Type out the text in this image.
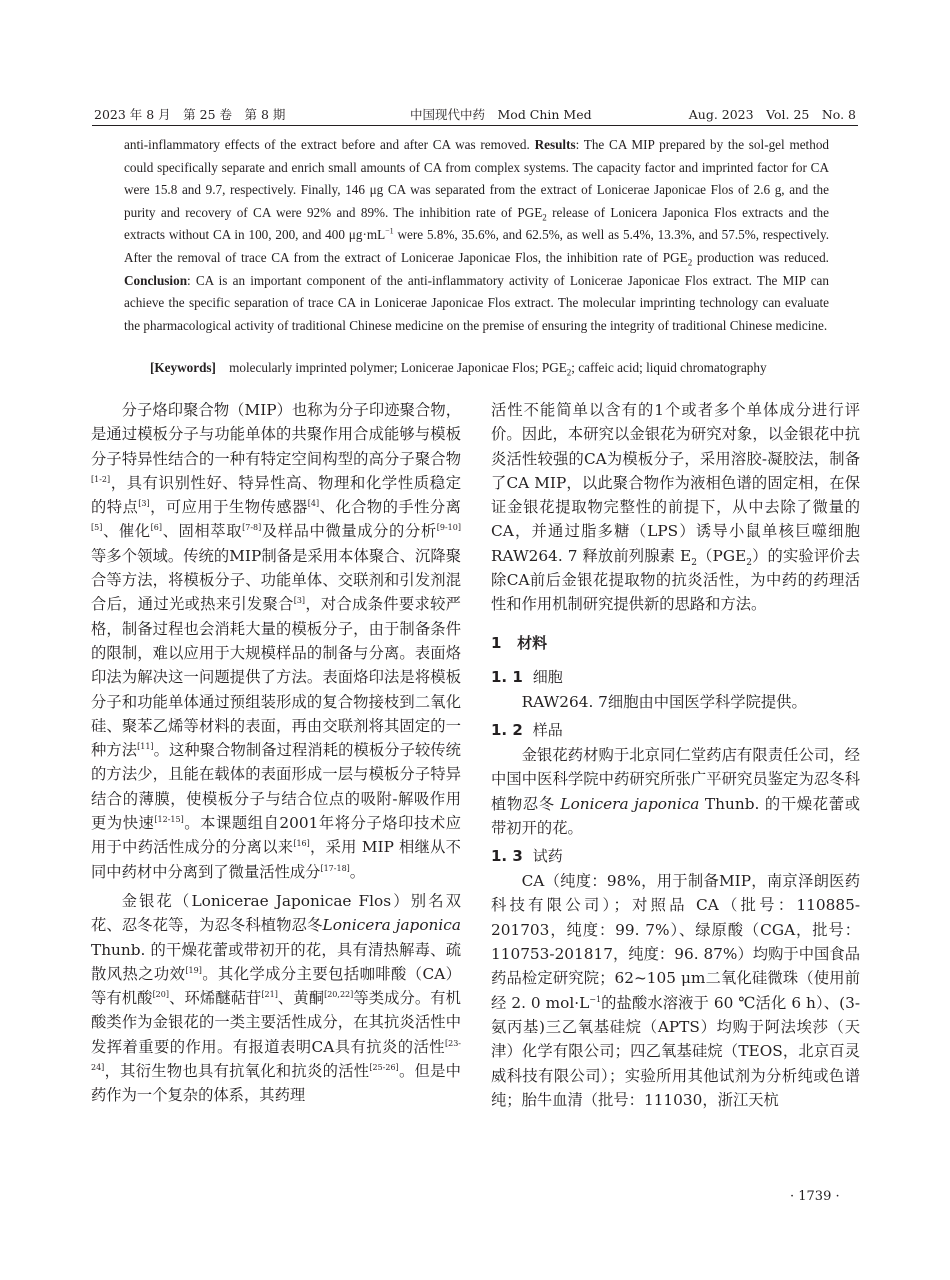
2023 年 8 月　第 25 卷　第 8 期	中国现代中药　Mod Chin Med	Aug. 2023　Vol. 25　No. 8

anti-inflammatory effects of the extract before and after CA was removed. Results: The CA MIP prepared by the sol-gel method could specifically separate and enrich small amounts of CA from complex systems. The capacity factor and imprinted factor for CA were 15.8 and 9.7, respectively. Finally, 146 μg CA was separated from the extract of Lonicerae Japonicae Flos of 2.6 g, and the purity and recovery of CA were 92% and 89%. The inhibition rate of $PGE_2$ release of Lonicera Japonica Flos extracts and the extracts without CA in 100, 200, and 400 $\mu g\cdot mL^{-1}$ were 5.8%, 35.6%, and 62.5%, as well as 5.4%, 13.3%, and 57.5%, respectively. After the removal of trace CA from the extract of Lonicerae Japonicae Flos, the inhibition rate of $PGE_2$ production was reduced. Conclusion: CA is an important component of the anti-inflammatory activity of Lonicerae Japonicae Flos extract. The MIP can achieve the specific separation of trace CA in Lonicerae Japonicae Flos extract. The molecular imprinting technology can evaluate the pharmacological activity of traditional Chinese medicine on the premise of ensuring the integrity of traditional Chinese medicine.

[Keywords] molecularly imprinted polymer; Lonicerae Japonicae Flos; $PGE_2$; caffeic acid; liquid chromatography

分子烙印聚合物（MIP）也称为分子印迹聚合物，是通过模板分子与功能单体的共聚作用合成能够与模板分子特异性结合的一种有特定空间构型的高分子聚合物[1-2]，具有识别性好、特异性高、物理和化学性质稳定的特点[3]，可应用于生物传感器[4]、化合物的手性分离[5]、催化[6]、固相萃取[7-8]及样品中微量成分的分析[9-10]等多个领域。传统的MIP制备是采用本体聚合、沉降聚合等方法，将模板分子、功能单体、交联剂和引发剂混合后，通过光或热来引发聚合[3]，对合成条件要求较严格，制备过程也会消耗大量的模板分子，由于制备条件的限制，难以应用于大规模样品的制备与分离。表面烙印法为解决这一问题提供了方法。表面烙印法是将模板分子和功能单体通过预组装形成的复合物接枝到二氧化硅、聚苯乙烯等材料的表面，再由交联剂将其固定的一种方法[11]。这种聚合物制备过程消耗的模板分子较传统的方法少，且能在载体的表面形成一层与模板分子特异结合的薄膜，使模板分子与结合位点的吸附-解吸作用更为快速[12-15]。本课题组自2001年将分子烙印技术应用于中药活性成分的分离以来[16]，采用 MIP 相继从不同中药材中分离到了微量活性成分[17-18]。

金银花（Lonicerae Japonicae Flos）别名双花、忍冬花等，为忍冬科植物忍冬Lonicera japonica Thunb. 的干燥花蕾或带初开的花，具有清热解毒、疏散风热之功效[19]。其化学成分主要包括咖啡酸（CA）等有机酸[20]、环烯醚萜苷[21]、黄酮[20,22]等类成分。有机酸类作为金银花的一类主要活性成分，在其抗炎活性中发挥着重要的作用。有报道表明CA具有抗炎的活性[23-24]，其衍生物也具有抗氧化和抗炎的活性[25-26]。但是中药作为一个复杂的体系，其药理

活性不能简单以含有的1个或者多个单体成分进行评价。因此，本研究以金银花为研究对象，以金银花中抗炎活性较强的CA为模板分子，采用溶胶-凝胶法，制备了CA MIP，以此聚合物作为液相色谱的固定相，在保证金银花提取物完整性的前提下，从中去除了微量的CA，并通过脂多糖（LPS）诱导小鼠单核巨噬细胞 RAW264. 7 释放前列腺素 $E_2(PGE_2)$的实验评价去除CA前后金银花提取物的抗炎活性，为中药的药理活性和作用机制研究提供新的思路和方法。

1 材料
1. 1 细胞

RAW264. 7细胞由中国医学科学院提供。

1. 2 样品

金银花药材购于北京同仁堂药店有限责任公司，经中国中医科学院中药研究所张广平研究员鉴定为忍冬科植物忍冬 Lonicera japonica Thunb. 的干燥花蕾或带初开的花。

1. 3 试药

CA（纯度：98%，用于制备MIP，南京泽朗医药科技有限公司）；对照品 CA（批号：110885-201703，纯度：99. 7%）、绿原酸（CGA，批号：110753-201817，纯度：96. 87%）均购于中国食品药品检定研究院；62~105 μm二氧化硅微珠（使用前经 2. 0 $mol\cdot L^{-1}$的盐酸水溶液于 60 ℃活化 6 h）、(3-氨丙基)三乙氧基硅烷（APTS）均购于阿法埃莎（天津）化学有限公司；四乙氧基硅烷（TEOS，北京百灵威科技有限公司）；实验所用其他试剂为分析纯或色谱纯；胎牛血清（批号：111030，浙江天杭

· 1739 ·
